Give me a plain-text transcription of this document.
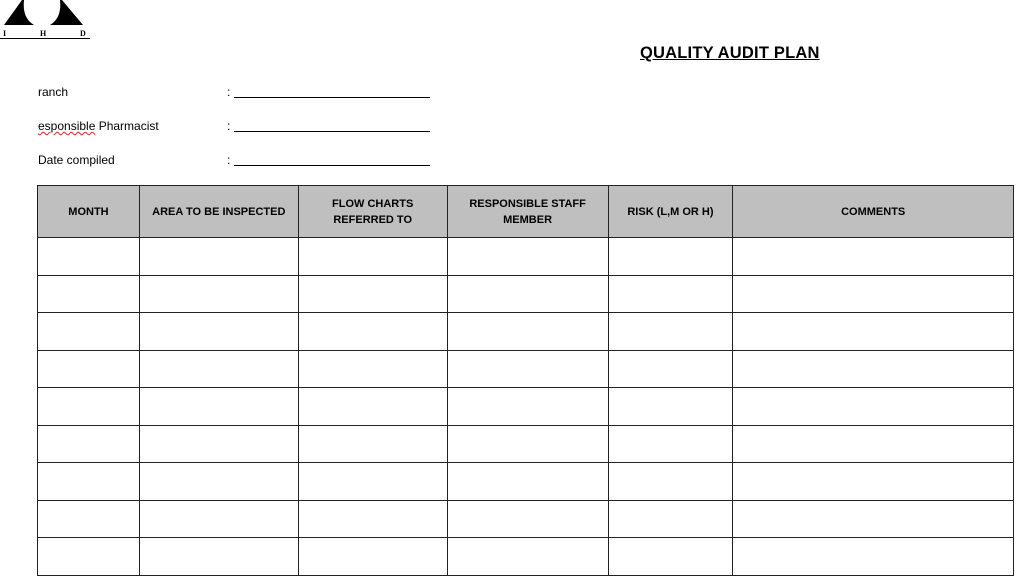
I	H	D
QUALITY AUDIT PLAN
ranch	:
esponsible Pharmacist	:
Date compiled	:
MONTH	AREA TO BE INSPECTED	FLOW CHARTS REFERRED TO	RESPONSIBLE STAFF MEMBER	RISK (L,M OR H)	COMMENTS
